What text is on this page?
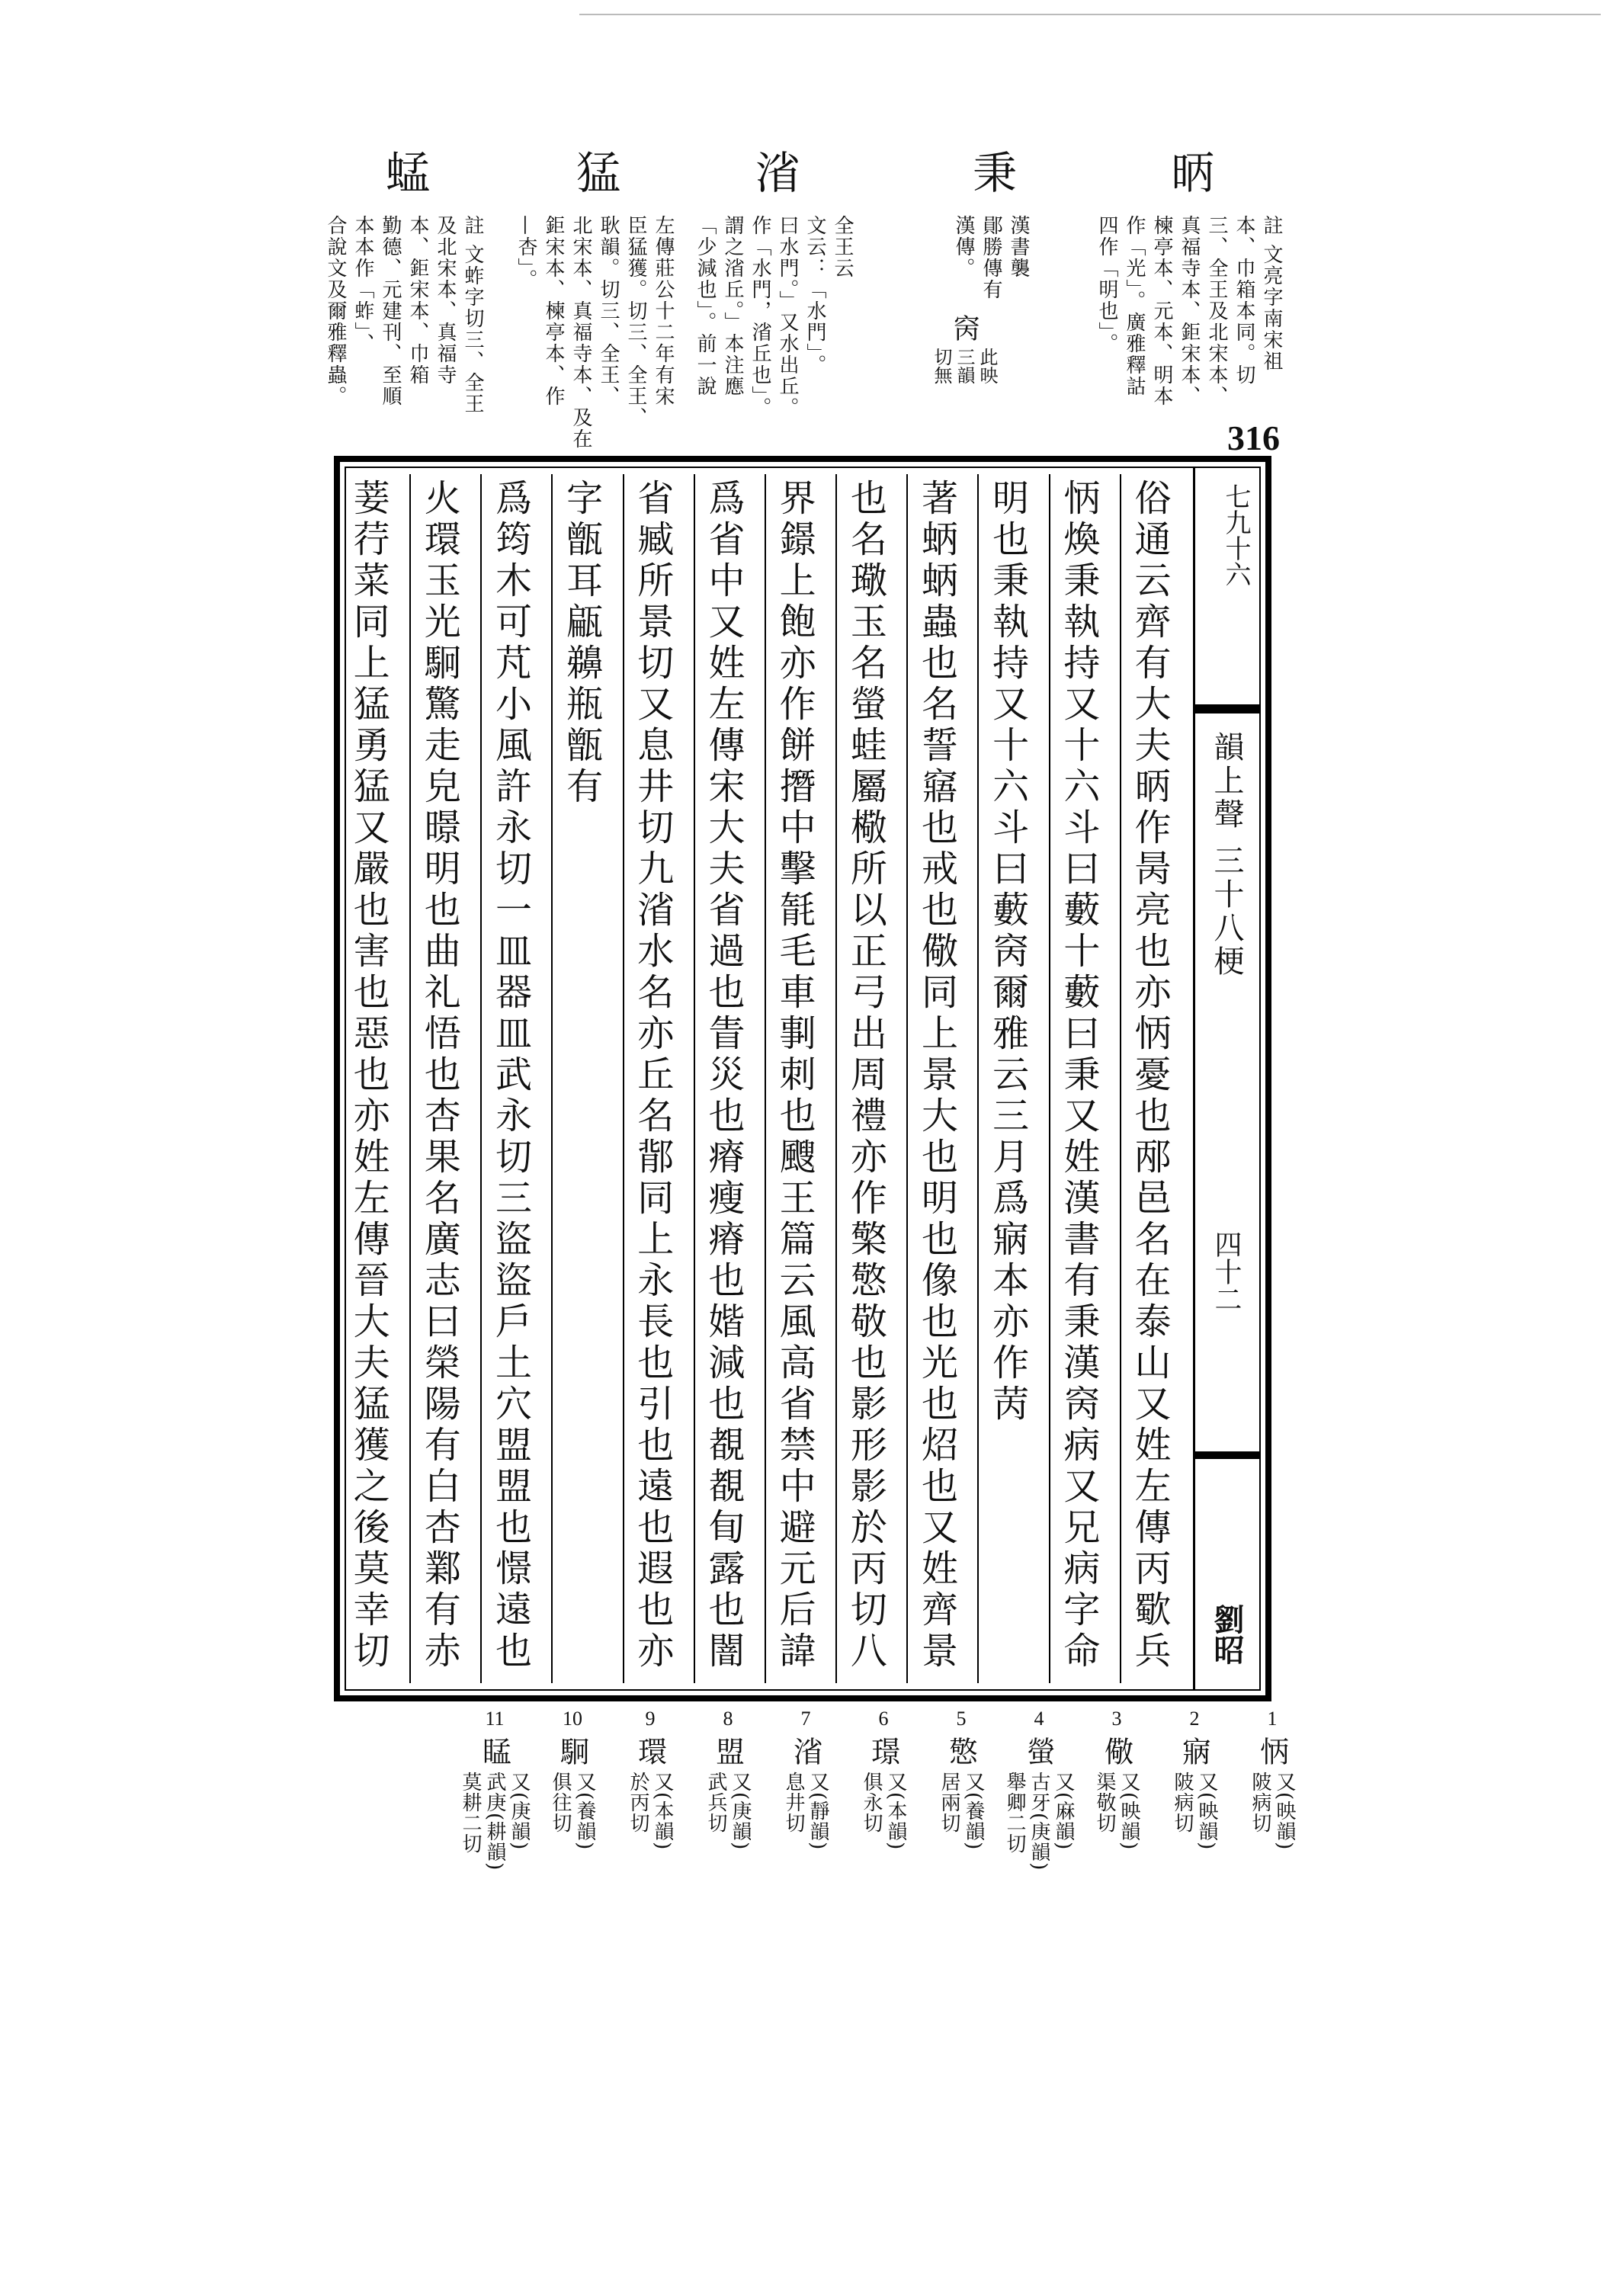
昞
註 文亮字南宋祖
本、巾箱本同。切
三、全王及北宋本、
真福寺本、鉅宋本、
楝亭本、元本、明本
作「光」。廣雅釋詁
四作「明也」。
秉
漢書襲
鄖勝傳有
漢傳。
窉
此映
三韻
切無
渻
全王云
文云：「水門」。
曰水門。」又水出丘。
作「水門，渻丘也」。
謂之渻丘。」本注應
「少減也」。前一說
猛
左傳莊公十二年有宋
臣猛獲。切三、全王、
耿韻。切三、全王、
北宋本、真福寺本、及在
鉅宋本、楝亭本、作
—杏」。
蜢
註 文蚱字切三、全王
及北宋本、真福寺
本、鉅宋本、巾箱
勤德、元建刊、至順
本本作「蚱」、
合說文及爾雅釋蟲。
316
七九十六
韻上聲 三十八梗
四十二
劉昭
俗通云齊有大夫昞作昺亮也亦怲憂也邴邑名在泰山又姓左傳丙歜兵
怲煥秉執持又十六斗曰藪十藪曰秉又姓漢書有秉漢窉病又兄病字命
明也秉執持又十六斗曰藪窉爾雅云三月爲寎本亦作苪
著蛃蛃蟲也名誓窹也戒也儆同上景大也明也像也光也炤也又姓齊景
也名璥玉名螢蛙屬㯳所以正弓出周禮亦作檠憼敬也影形影於丙切八
界鐛上飽亦作餅撍中擊毻毛車剚刺也颼王篇云風高省禁中避元后諱
爲省中又姓左傳宋大夫省過也眚災也瘠瘦瘠也媘減也覩覩䀏露也闇
省臧所景切又息井切九渻水名亦丘名鄁同上永長也引也遠也遐也亦
字甑耳甂䶏瓶甑有
爲筠木可芃小風許永切一皿器皿武永切三盜盜戶土穴盟盟也憬遠也
火環玉光駉驚走皃暻明也曲礼悟也杏果名廣志曰榮陽有白杏鄴有赤
菨荇菜同上猛勇猛又嚴也害也惡也亦姓左傳晉大夫猛獲之後莫幸切
1
怲
又(映韻)
陂病切
2
寎
又(映韻)
陂病切
3
儆
又(映韻)
渠敬切
4
螢
又(麻韻)
古牙(庚韻)
舉卿二切
5
憼
又(養韻)
居兩切
6
璟
又(本韻)
俱永切
7
渻
又(靜韻)
息井切
8
盟
又(庚韻)
武兵切
9
環
又(本韻)
於丙切
10
駉
又(養韻)
俱往切
11
䁅
又(庚韻)
武庚(耕韻)
莫耕二切
